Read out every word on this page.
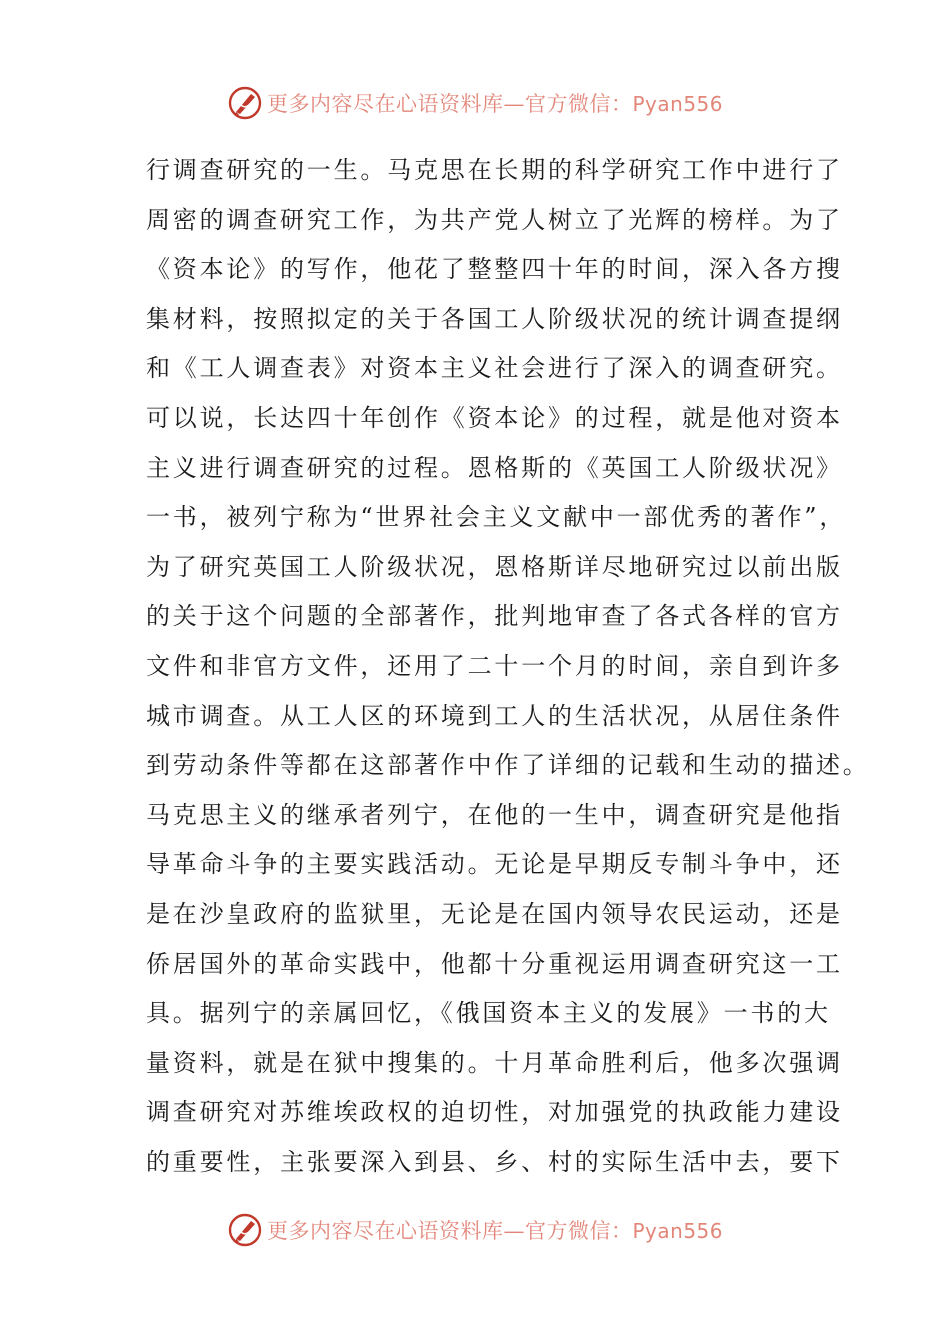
更多内容尽在心语资料库—官方微信：Pyan556
行调查研究的一生。马克思在长期的科学研究工作中进行了
周密的调查研究工作，为共产党人树立了光辉的榜样。为了
《资本论》的写作，他花了整整四十年的时间，深入各方搜
集材料，按照拟定的关于各国工人阶级状况的统计调查提纲
和《工人调查表》对资本主义社会进行了深入的调查研究。
可以说，长达四十年创作《资本论》的过程，就是他对资本
主义进行调查研究的过程。恩格斯的《英国工人阶级状况》
一书，被列宁称为“世界社会主义文献中一部优秀的著作”，
为了研究英国工人阶级状况，恩格斯详尽地研究过以前出版
的关于这个问题的全部著作，批判地审查了各式各样的官方
文件和非官方文件，还用了二十一个月的时间，亲自到许多
城市调查。从工人区的环境到工人的生活状况，从居住条件
到劳动条件等都在这部著作中作了详细的记载和生动的描述。
马克思主义的继承者列宁，在他的一生中，调查研究是他指
导革命斗争的主要实践活动。无论是早期反专制斗争中，还
是在沙皇政府的监狱里，无论是在国内领导农民运动，还是
侨居国外的革命实践中，他都十分重视运用调查研究这一工
具。据列宁的亲属回忆，《俄国资本主义的发展》一书的大
量资料，就是在狱中搜集的。十月革命胜利后，他多次强调
调查研究对苏维埃政权的迫切性，对加强党的执政能力建设
的重要性，主张要深入到县、乡、村的实际生活中去，要下
更多内容尽在心语资料库—官方微信：Pyan556
